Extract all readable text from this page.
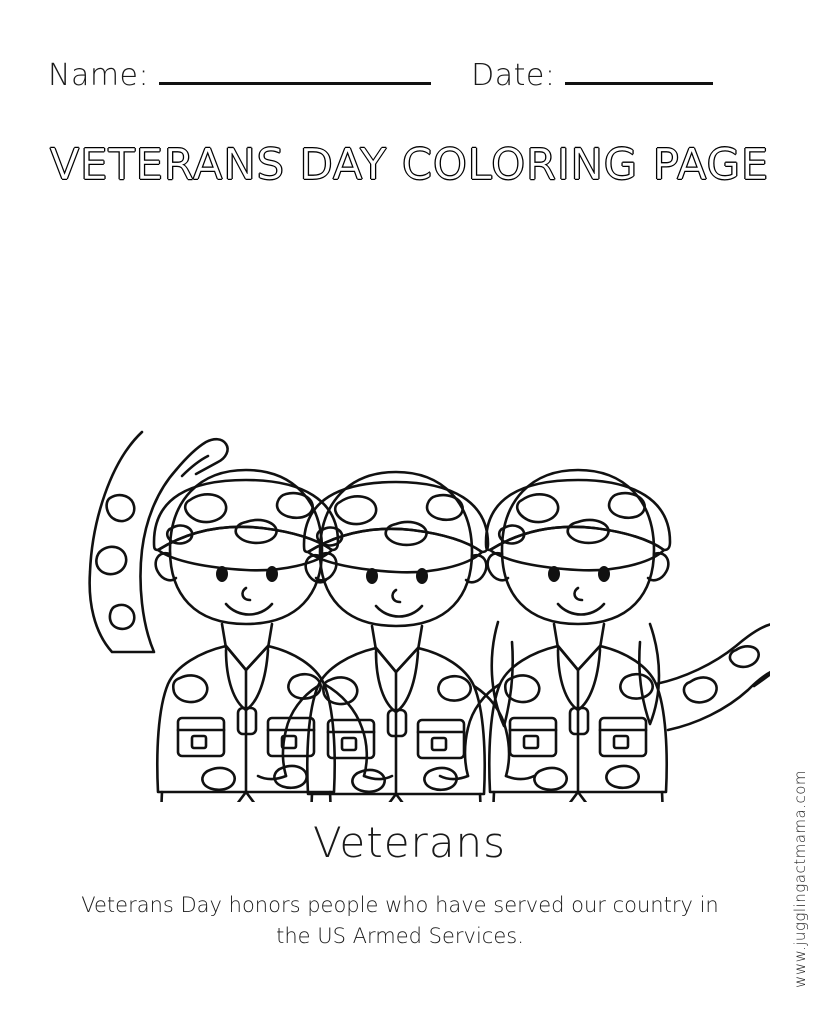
Name:	Date:
VETERANS DAY COLORING PAGE
Veterans
Veterans Day honors people who have served our country in the US Armed Services.	www.jugglingactmama.com
